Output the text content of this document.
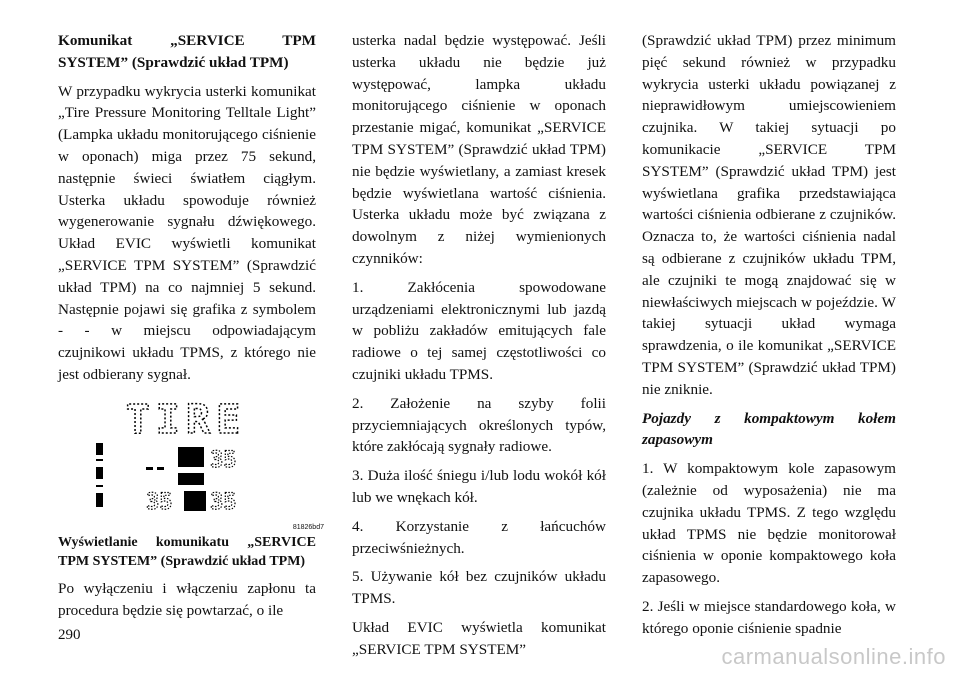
Komunikat „SERVICE TPM SYSTEM” (Sprawdzić układ TPM)

W przypadku wykrycia usterki komunikat „Tire Pressure Monitoring Telltale Light” (Lampka układu monitorującego ciśnienie w oponach) miga przez 75 sekund, następnie świeci światłem ciągłym. Usterka układu spowoduje również wygenerowanie sygnału dźwiękowego. Układ EVIC wyświetli komunikat „SERVICE TPM SYSTEM” (Sprawdzić układ TPM) na co najmniej 5 sekund. Następnie pojawi się grafika z symbolem - - w miejscu odpowiadającym czujnikowi układu TPMS, z którego nie jest odbierany sygnał.

TIRE
35
35 35
81826bd7

Wyświetlanie komunikatu „SERVICE TPM SYSTEM” (Sprawdzić układ TPM)

Po wyłączeniu i włączeniu zapłonu ta procedura będzie się powtarzać, o ile

usterka nadal będzie występować. Jeśli usterka układu nie będzie już występować, lampka układu monitorującego ciśnienie w oponach przestanie migać, komunikat „SERVICE TPM SYSTEM” (Sprawdzić układ TPM) nie będzie wyświetlany, a zamiast kresek będzie wyświetlana wartość ciśnienia. Usterka układu może być związana z dowolnym z niżej wymienionych czynników:

1. Zakłócenia spowodowane urządzeniami elektronicznymi lub jazdą w pobliżu zakładów emitujących fale radiowe o tej samej częstotliwości co czujniki układu TPMS.

2. Założenie na szyby folii przyciemniających określonych typów, które zakłócają sygnały radiowe.

3. Duża ilość śniegu i/lub lodu wokół kół lub we wnękach kół.

4. Korzystanie z łańcuchów przeciwśnieżnych.

5. Używanie kół bez czujników układu TPMS.

Układ EVIC wyświetla komunikat „SERVICE TPM SYSTEM”

(Sprawdzić układ TPM) przez minimum pięć sekund również w przypadku wykrycia usterki układu powiązanej z nieprawidłowym umiejscowieniem czujnika. W takiej sytuacji po komunikacie „SERVICE TPM SYSTEM” (Sprawdzić układ TPM) jest wyświetlana grafika przedstawiająca wartości ciśnienia odbierane z czujników. Oznacza to, że wartości ciśnienia nadal są odbierane z czujników układu TPM, ale czujniki te mogą znajdować się w niewłaściwych miejscach w pojeździe. W takiej sytuacji układ wymaga sprawdzenia, o ile komunikat „SERVICE TPM SYSTEM” (Sprawdzić układ TPM) nie zniknie.

Pojazdy z kompaktowym kołem zapasowym

1. W kompaktowym kole zapasowym (zależnie od wyposażenia) nie ma czujnika układu TPMS. Z tego względu układ TPMS nie będzie monitorował ciśnienia w oponie kompaktowego koła zapasowego.

2. Jeśli w miejsce standardowego koła, w którego oponie ciśnienie spadnie

290
carmanualsonline.info
